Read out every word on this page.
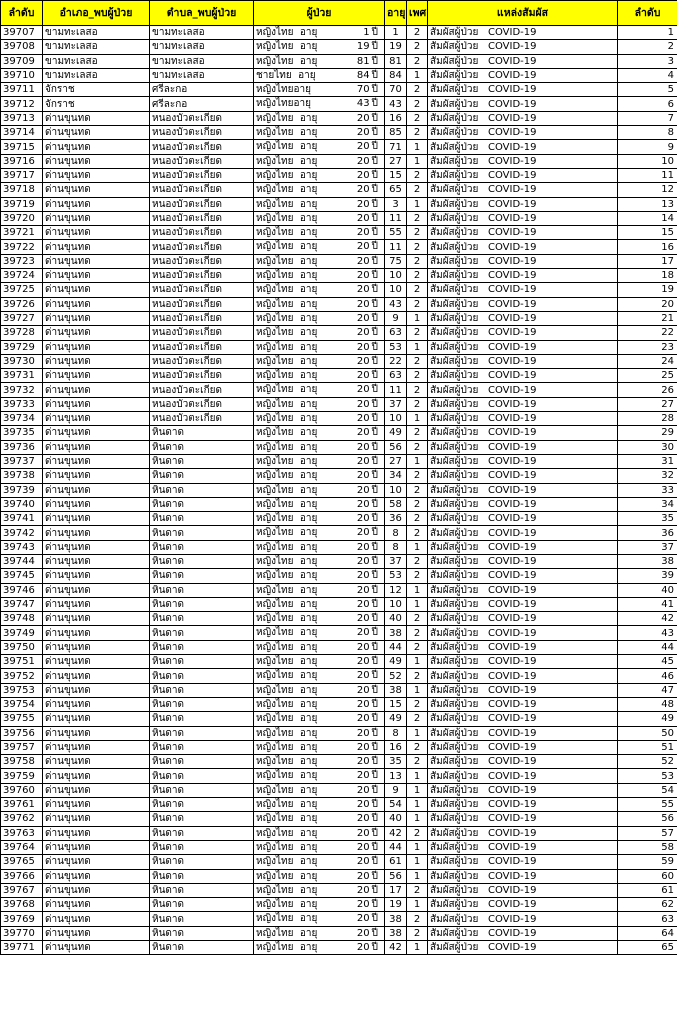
ลำดับ	อำเภอ_พบผู้ป่วย	ตำบล_พบผู้ป่วย	ผู้ป่วย	อายุ	เพศ	แหล่งสัมผัส	ลำดับ
39707	ขามทะเลสอ	ขามทะเลสอ	หญิงไทย อายุ 1 ปี	1	2	สัมผัสผู้ป่วย COVID-19	1
39708	ขามทะเลสอ	ขามทะเลสอ	หญิงไทย อายุ 19 ปี	19	2	สัมผัสผู้ป่วย COVID-19	2
39709	ขามทะเลสอ	ขามทะเลสอ	หญิงไทย อายุ 81 ปี	81	2	สัมผัสผู้ป่วย COVID-19	3
39710	ขามทะเลสอ	ขามทะเลสอ	ชายไทย อายุ 84 ปี	84	1	สัมผัสผู้ป่วย COVID-19	4
39711	จักราช	ศรีละกอ	หญิงไทยอายุ 70 ปี	70	2	สัมผัสผู้ป่วย COVID-19	5
39712	จักราช	ศรีละกอ	หญิงไทยอายุ 43 ปี	43	2	สัมผัสผู้ป่วย COVID-19	6
39713	ด่านขุนทด	หนองบัวตะเกียด	หญิงไทย อายุ 20 ปี	16	2	สัมผัสผู้ป่วย COVID-19	7
39714	ด่านขุนทด	หนองบัวตะเกียด	หญิงไทย อายุ 20 ปี	85	2	สัมผัสผู้ป่วย COVID-19	8
39715	ด่านขุนทด	หนองบัวตะเกียด	หญิงไทย อายุ 20 ปี	71	1	สัมผัสผู้ป่วย COVID-19	9
39716	ด่านขุนทด	หนองบัวตะเกียด	หญิงไทย อายุ 20 ปี	27	1	สัมผัสผู้ป่วย COVID-19	10
39717	ด่านขุนทด	หนองบัวตะเกียด	หญิงไทย อายุ 20 ปี	15	2	สัมผัสผู้ป่วย COVID-19	11
39718	ด่านขุนทด	หนองบัวตะเกียด	หญิงไทย อายุ 20 ปี	65	2	สัมผัสผู้ป่วย COVID-19	12
39719	ด่านขุนทด	หนองบัวตะเกียด	หญิงไทย อายุ 20 ปี	3	1	สัมผัสผู้ป่วย COVID-19	13
39720	ด่านขุนทด	หนองบัวตะเกียด	หญิงไทย อายุ 20 ปี	11	2	สัมผัสผู้ป่วย COVID-19	14
39721	ด่านขุนทด	หนองบัวตะเกียด	หญิงไทย อายุ 20 ปี	55	2	สัมผัสผู้ป่วย COVID-19	15
39722	ด่านขุนทด	หนองบัวตะเกียด	หญิงไทย อายุ 20 ปี	11	2	สัมผัสผู้ป่วย COVID-19	16
39723	ด่านขุนทด	หนองบัวตะเกียด	หญิงไทย อายุ 20 ปี	75	2	สัมผัสผู้ป่วย COVID-19	17
39724	ด่านขุนทด	หนองบัวตะเกียด	หญิงไทย อายุ 20 ปี	10	2	สัมผัสผู้ป่วย COVID-19	18
39725	ด่านขุนทด	หนองบัวตะเกียด	หญิงไทย อายุ 20 ปี	10	2	สัมผัสผู้ป่วย COVID-19	19
39726	ด่านขุนทด	หนองบัวตะเกียด	หญิงไทย อายุ 20 ปี	43	2	สัมผัสผู้ป่วย COVID-19	20
39727	ด่านขุนทด	หนองบัวตะเกียด	หญิงไทย อายุ 20 ปี	9	1	สัมผัสผู้ป่วย COVID-19	21
39728	ด่านขุนทด	หนองบัวตะเกียด	หญิงไทย อายุ 20 ปี	63	2	สัมผัสผู้ป่วย COVID-19	22
39729	ด่านขุนทด	หนองบัวตะเกียด	หญิงไทย อายุ 20 ปี	53	1	สัมผัสผู้ป่วย COVID-19	23
39730	ด่านขุนทด	หนองบัวตะเกียด	หญิงไทย อายุ 20 ปี	22	2	สัมผัสผู้ป่วย COVID-19	24
39731	ด่านขุนทด	หนองบัวตะเกียด	หญิงไทย อายุ 20 ปี	63	2	สัมผัสผู้ป่วย COVID-19	25
39732	ด่านขุนทด	หนองบัวตะเกียด	หญิงไทย อายุ 20 ปี	11	2	สัมผัสผู้ป่วย COVID-19	26
39733	ด่านขุนทด	หนองบัวตะเกียด	หญิงไทย อายุ 20 ปี	37	2	สัมผัสผู้ป่วย COVID-19	27
39734	ด่านขุนทด	หนองบัวตะเกียด	หญิงไทย อายุ 20 ปี	10	1	สัมผัสผู้ป่วย COVID-19	28
39735	ด่านขุนทด	หินดาด	หญิงไทย อายุ 20 ปี	49	2	สัมผัสผู้ป่วย COVID-19	29
39736	ด่านขุนทด	หินดาด	หญิงไทย อายุ 20 ปี	56	2	สัมผัสผู้ป่วย COVID-19	30
39737	ด่านขุนทด	หินดาด	หญิงไทย อายุ 20 ปี	27	1	สัมผัสผู้ป่วย COVID-19	31
39738	ด่านขุนทด	หินดาด	หญิงไทย อายุ 20 ปี	34	2	สัมผัสผู้ป่วย COVID-19	32
39739	ด่านขุนทด	หินดาด	หญิงไทย อายุ 20 ปี	10	2	สัมผัสผู้ป่วย COVID-19	33
39740	ด่านขุนทด	หินดาด	หญิงไทย อายุ 20 ปี	58	2	สัมผัสผู้ป่วย COVID-19	34
39741	ด่านขุนทด	หินดาด	หญิงไทย อายุ 20 ปี	36	2	สัมผัสผู้ป่วย COVID-19	35
39742	ด่านขุนทด	หินดาด	หญิงไทย อายุ 20 ปี	8	2	สัมผัสผู้ป่วย COVID-19	36
39743	ด่านขุนทด	หินดาด	หญิงไทย อายุ 20 ปี	8	1	สัมผัสผู้ป่วย COVID-19	37
39744	ด่านขุนทด	หินดาด	หญิงไทย อายุ 20 ปี	37	2	สัมผัสผู้ป่วย COVID-19	38
39745	ด่านขุนทด	หินดาด	หญิงไทย อายุ 20 ปี	53	2	สัมผัสผู้ป่วย COVID-19	39
39746	ด่านขุนทด	หินดาด	หญิงไทย อายุ 20 ปี	12	1	สัมผัสผู้ป่วย COVID-19	40
39747	ด่านขุนทด	หินดาด	หญิงไทย อายุ 20 ปี	10	1	สัมผัสผู้ป่วย COVID-19	41
39748	ด่านขุนทด	หินดาด	หญิงไทย อายุ 20 ปี	40	2	สัมผัสผู้ป่วย COVID-19	42
39749	ด่านขุนทด	หินดาด	หญิงไทย อายุ 20 ปี	38	2	สัมผัสผู้ป่วย COVID-19	43
39750	ด่านขุนทด	หินดาด	หญิงไทย อายุ 20 ปี	44	2	สัมผัสผู้ป่วย COVID-19	44
39751	ด่านขุนทด	หินดาด	หญิงไทย อายุ 20 ปี	49	1	สัมผัสผู้ป่วย COVID-19	45
39752	ด่านขุนทด	หินดาด	หญิงไทย อายุ 20 ปี	52	2	สัมผัสผู้ป่วย COVID-19	46
39753	ด่านขุนทด	หินดาด	หญิงไทย อายุ 20 ปี	38	1	สัมผัสผู้ป่วย COVID-19	47
39754	ด่านขุนทด	หินดาด	หญิงไทย อายุ 20 ปี	15	2	สัมผัสผู้ป่วย COVID-19	48
39755	ด่านขุนทด	หินดาด	หญิงไทย อายุ 20 ปี	49	2	สัมผัสผู้ป่วย COVID-19	49
39756	ด่านขุนทด	หินดาด	หญิงไทย อายุ 20 ปี	8	1	สัมผัสผู้ป่วย COVID-19	50
39757	ด่านขุนทด	หินดาด	หญิงไทย อายุ 20 ปี	16	2	สัมผัสผู้ป่วย COVID-19	51
39758	ด่านขุนทด	หินดาด	หญิงไทย อายุ 20 ปี	35	2	สัมผัสผู้ป่วย COVID-19	52
39759	ด่านขุนทด	หินดาด	หญิงไทย อายุ 20 ปี	13	1	สัมผัสผู้ป่วย COVID-19	53
39760	ด่านขุนทด	หินดาด	หญิงไทย อายุ 20 ปี	9	1	สัมผัสผู้ป่วย COVID-19	54
39761	ด่านขุนทด	หินดาด	หญิงไทย อายุ 20 ปี	54	1	สัมผัสผู้ป่วย COVID-19	55
39762	ด่านขุนทด	หินดาด	หญิงไทย อายุ 20 ปี	40	1	สัมผัสผู้ป่วย COVID-19	56
39763	ด่านขุนทด	หินดาด	หญิงไทย อายุ 20 ปี	42	2	สัมผัสผู้ป่วย COVID-19	57
39764	ด่านขุนทด	หินดาด	หญิงไทย อายุ 20 ปี	44	1	สัมผัสผู้ป่วย COVID-19	58
39765	ด่านขุนทด	หินดาด	หญิงไทย อายุ 20 ปี	61	1	สัมผัสผู้ป่วย COVID-19	59
39766	ด่านขุนทด	หินดาด	หญิงไทย อายุ 20 ปี	56	1	สัมผัสผู้ป่วย COVID-19	60
39767	ด่านขุนทด	หินดาด	หญิงไทย อายุ 20 ปี	17	2	สัมผัสผู้ป่วย COVID-19	61
39768	ด่านขุนทด	หินดาด	หญิงไทย อายุ 20 ปี	19	1	สัมผัสผู้ป่วย COVID-19	62
39769	ด่านขุนทด	หินดาด	หญิงไทย อายุ 20 ปี	38	2	สัมผัสผู้ป่วย COVID-19	63
39770	ด่านขุนทด	หินดาด	หญิงไทย อายุ 20 ปี	38	2	สัมผัสผู้ป่วย COVID-19	64
39771	ด่านขุนทด	หินดาด	หญิงไทย อายุ 20 ปี	42	1	สัมผัสผู้ป่วย COVID-19	65
